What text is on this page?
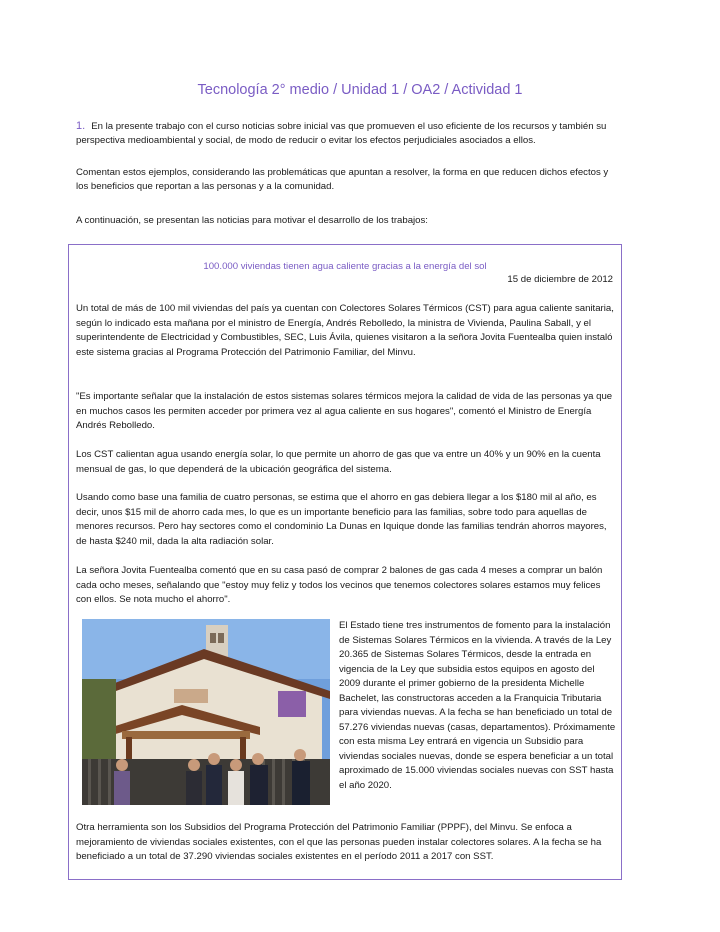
Tecnología 2° medio / Unidad 1 / OA2 / Actividad 1
1. En la presente trabajo con el curso noticias sobre inicial vas que promueven el uso eficiente de los recursos y también su perspectiva medioambiental y social, de modo de reducir o evitar los efectos perjudiciales asociados a ellos.
Comentan estos ejemplos, considerando las problemáticas que apuntan a resolver, la forma en que reducen dichos efectos y los beneficios que reportan a las personas y a la comunidad.
A continuación, se presentan las noticias para motivar el desarrollo de los trabajos:
100.000 viviendas tienen agua caliente gracias a la energía del sol
15 de diciembre de 2012
Un total de más de 100 mil viviendas del país ya cuentan con Colectores Solares Térmicos (CST) para agua caliente sanitaria, según lo indicado esta mañana por el ministro de Energía, Andrés Rebolledo, la ministra de Vivienda, Paulina Saball, y el superintendente de Electricidad y Combustibles, SEC, Luis Ávila, quienes visitaron a la señora Jovita Fuentealba quien instaló este sistema gracias al Programa Protección del Patrimonio Familiar, del Minvu.
"Es importante señalar que la instalación de estos sistemas solares térmicos mejora la calidad de vida de las personas ya que en muchos casos les permiten acceder por primera vez al agua caliente en sus hogares", comentó el Ministro de Energía Andrés Rebolledo.
Los CST calientan agua usando energía solar, lo que permite un ahorro de gas que va entre un 40% y un 90% en la cuenta mensual de gas, lo que dependerá de la ubicación geográfica del sistema.
Usando como base una familia de cuatro personas, se estima que el ahorro en gas debiera llegar a los $180 mil al año, es decir, unos $15 mil de ahorro cada mes, lo que es un importante beneficio para las familias, sobre todo para aquellas de menores recursos. Pero hay sectores como el condominio La Dunas en Iquique donde las familias tendrán ahorros mayores, de hasta $240 mil, dada la alta radiación solar.
La señora Jovita Fuentealba comentó que en su casa pasó de comprar 2 balones de gas cada 4 meses a comprar un balón cada ocho meses, señalando que "estoy muy feliz y todos los vecinos que tenemos colectores solares estamos muy felices con ellos. Se nota mucho el ahorro".
El Estado tiene tres instrumentos de fomento para la instalación de Sistemas Solares Térmicos en la vivienda. A través de la Ley 20.365 de Sistemas Solares Térmicos, desde la entrada en vigencia de la Ley que subsidia estos equipos en agosto del 2009 durante el primer gobierno de la presidenta Michelle Bachelet, las constructoras acceden a la Franquicia Tributaria para viviendas nuevas. A la fecha se han beneficiado un total de 57.276 viviendas nuevas (casas, departamentos). Próximamente con esta misma Ley entrará en vigencia un Subsidio para viviendas sociales nuevas, donde se espera beneficiar a un total aproximado de 15.000 viviendas sociales nuevas con SST hasta el año 2020.
Otra herramienta son los Subsidios del Programa Protección del Patrimonio Familiar (PPPF), del Minvu. Se enfoca a mejoramiento de viviendas sociales existentes, con el que las personas pueden instalar colectores solares. A la fecha se ha beneficiado a un total de 37.290 viviendas sociales existentes en el período 2011 a 2017 con SST.
